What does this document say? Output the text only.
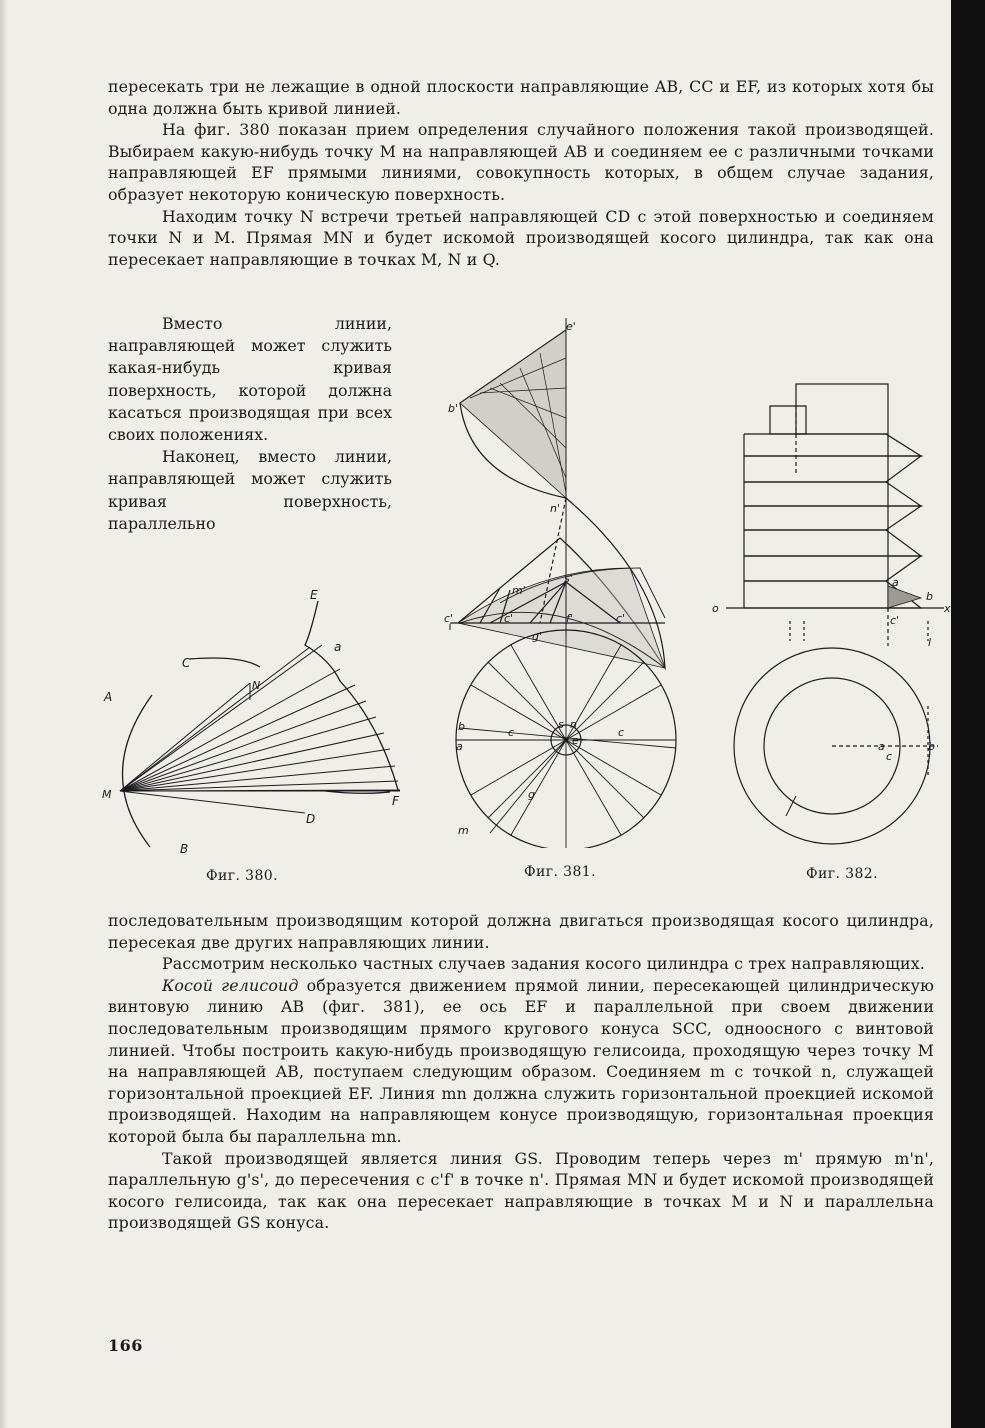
пересекать три не лежащие в одной плоскости направляющие AB, CC и EF, из которых хотя бы одна должна быть кривой линией.

На фиг. 380 показан прием определения случайного положения такой производящей. Выбираем какую-нибудь точку M на направляющей AB и соединяем ее с различными точками направляющей EF прямыми линиями, совокупность которых, в общем случае задания, образует некоторую коническую поверхность.

Находим точку N встречи третьей направляющей CD с этой поверхностью и соединяем точки N и M. Прямая MN и будет искомой производящей косого цилиндра, так как она пересекает направляющие в точках M, N и Q.

Вместо линии, направляющей может служить какая-нибудь кривая поверхность, которой должна касаться производящая при всех своих положениях.

Наконец, вместо линии, направляющей может служить кривая поверхность, параллельно

E
a
C
N
A
M
D
F
B
e'
b'
n'
s'
m'
c'	c'	f'	c'
g'
b
a
c
s n
e
c
g
m
o
a
b
x
c'
l
a
c
b
Фиг. 380.	Фиг. 381.	Фиг. 382.

последовательным производящим которой должна двигаться производящая косого цилиндра, пересекая две других направляющих линии.

Рассмотрим несколько частных случаев задания косого цилиндра с трех направляющих.

Косой гелисоид образуется движением прямой линии, пересекающей цилиндрическую винтовую линию AB (фиг. 381), ее ось EF и параллельной при своем движении последовательным производящим прямого кругового конуса SCC, одноосного с винтовой линией. Чтобы построить какую-нибудь производящую гелисоида, проходящую через точку M на направляющей AB, поступаем следующим образом. Соединяем m с точкой n, служащей горизонтальной проекцией EF. Линия mn должна служить горизонтальной проекцией искомой производящей. Находим на направляющем конусе производящую, горизонтальная проекция которой была бы параллельна mn.

Такой производящей является линия GS. Проводим теперь через m' прямую m'n', параллельную g's', до пересечения с c'f' в точке n'. Прямая MN и будет искомой производящей косого гелисоида, так как она пересекает направляющие в точках M и N и параллельна производящей GS конуса.

166
